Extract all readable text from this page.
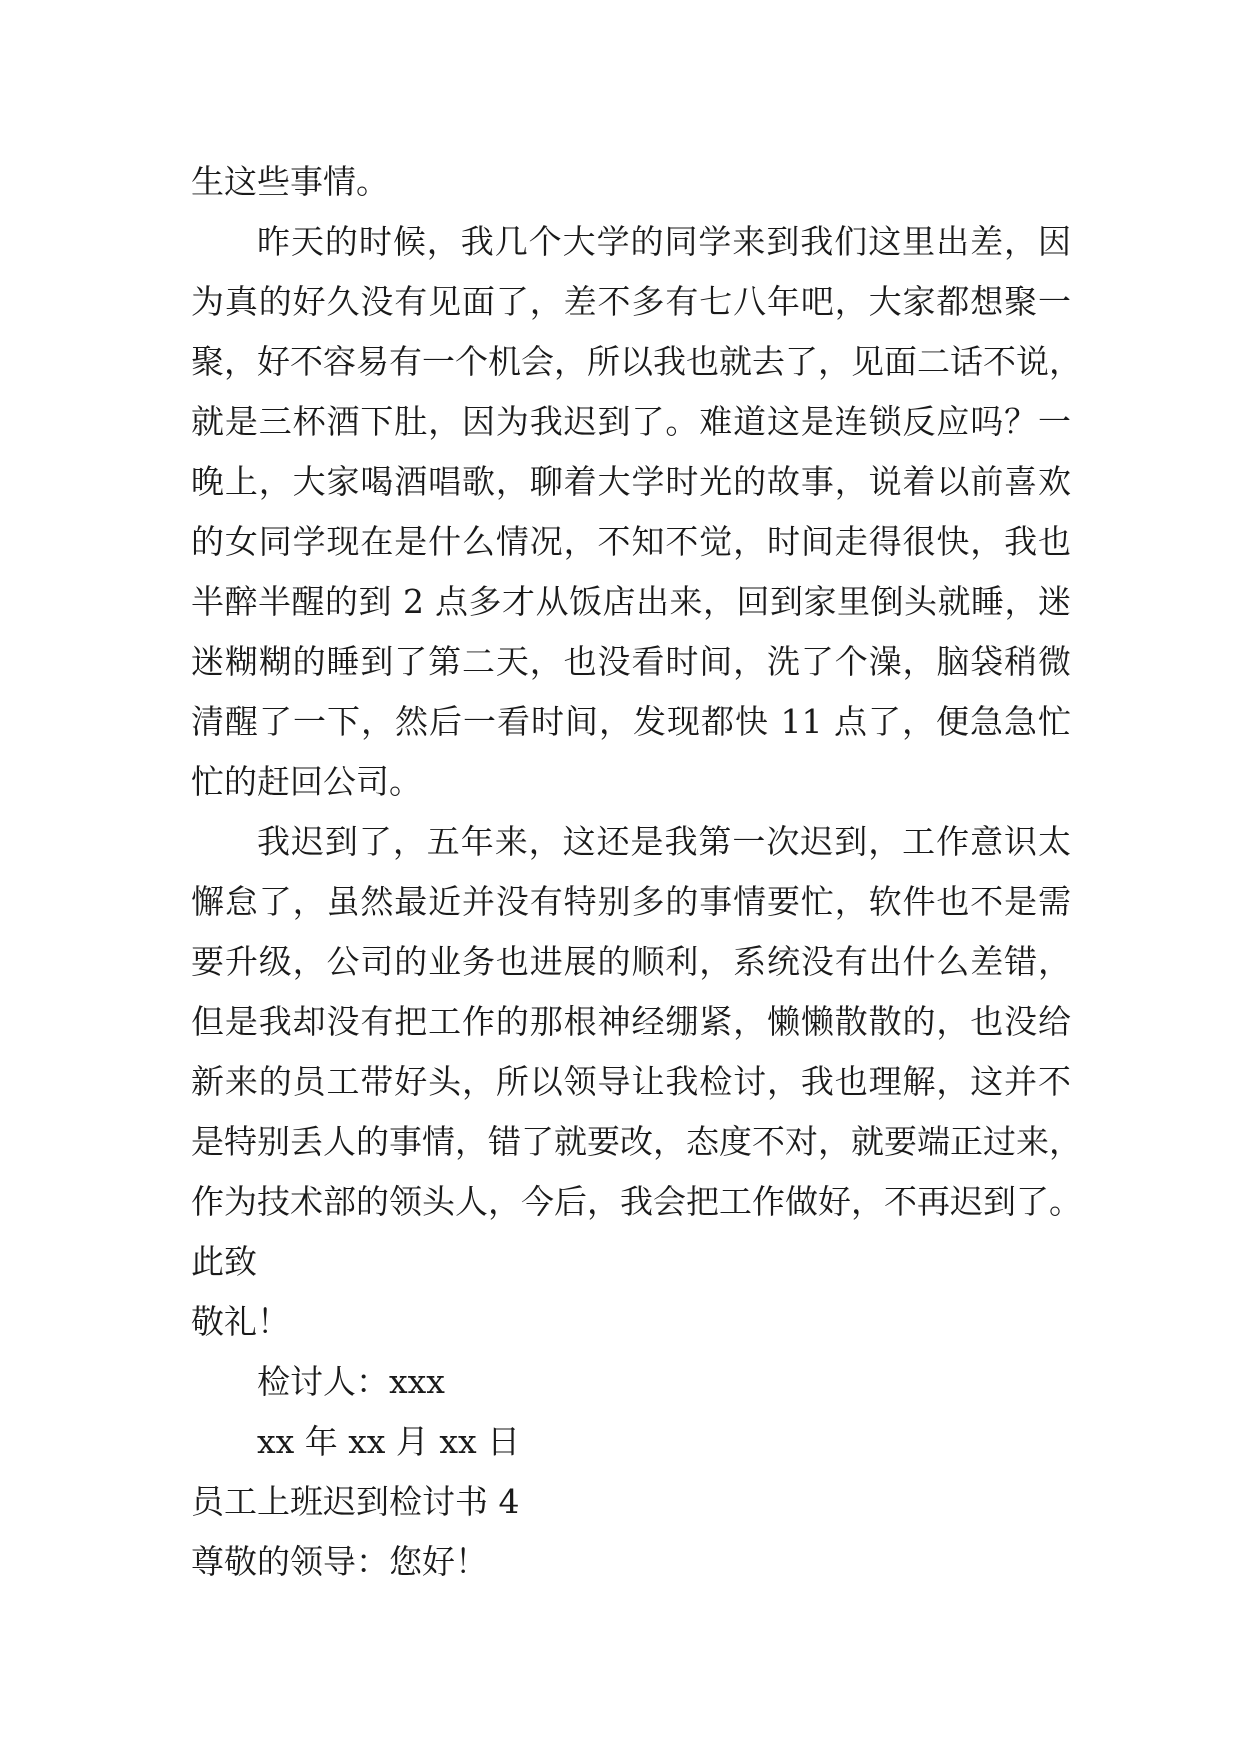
生这些事情。
昨天的时候，我几个大学的同学来到我们这里出差，因
为真的好久没有见面了，差不多有七八年吧，大家都想聚一
聚，好不容易有一个机会，所以我也就去了，见面二话不说，
就是三杯酒下肚，因为我迟到了。难道这是连锁反应吗？一
晚上，大家喝酒唱歌，聊着大学时光的故事，说着以前喜欢
的女同学现在是什么情况，不知不觉，时间走得很快，我也
半醉半醒的到 2 点多才从饭店出来，回到家里倒头就睡，迷
迷糊糊的睡到了第二天，也没看时间，洗了个澡，脑袋稍微
清醒了一下，然后一看时间，发现都快 11 点了，便急急忙
忙的赶回公司。
我迟到了，五年来，这还是我第一次迟到，工作意识太
懈怠了，虽然最近并没有特别多的事情要忙，软件也不是需
要升级，公司的业务也进展的顺利，系统没有出什么差错，
但是我却没有把工作的那根神经绷紧，懒懒散散的，也没给
新来的员工带好头，所以领导让我检讨，我也理解，这并不
是特别丢人的事情，错了就要改，态度不对，就要端正过来，
作为技术部的领头人，今后，我会把工作做好，不再迟到了。
此致
敬礼！
检讨人：xxx
xx 年 xx 月 xx 日
员工上班迟到检讨书 4
尊敬的领导：您好！
